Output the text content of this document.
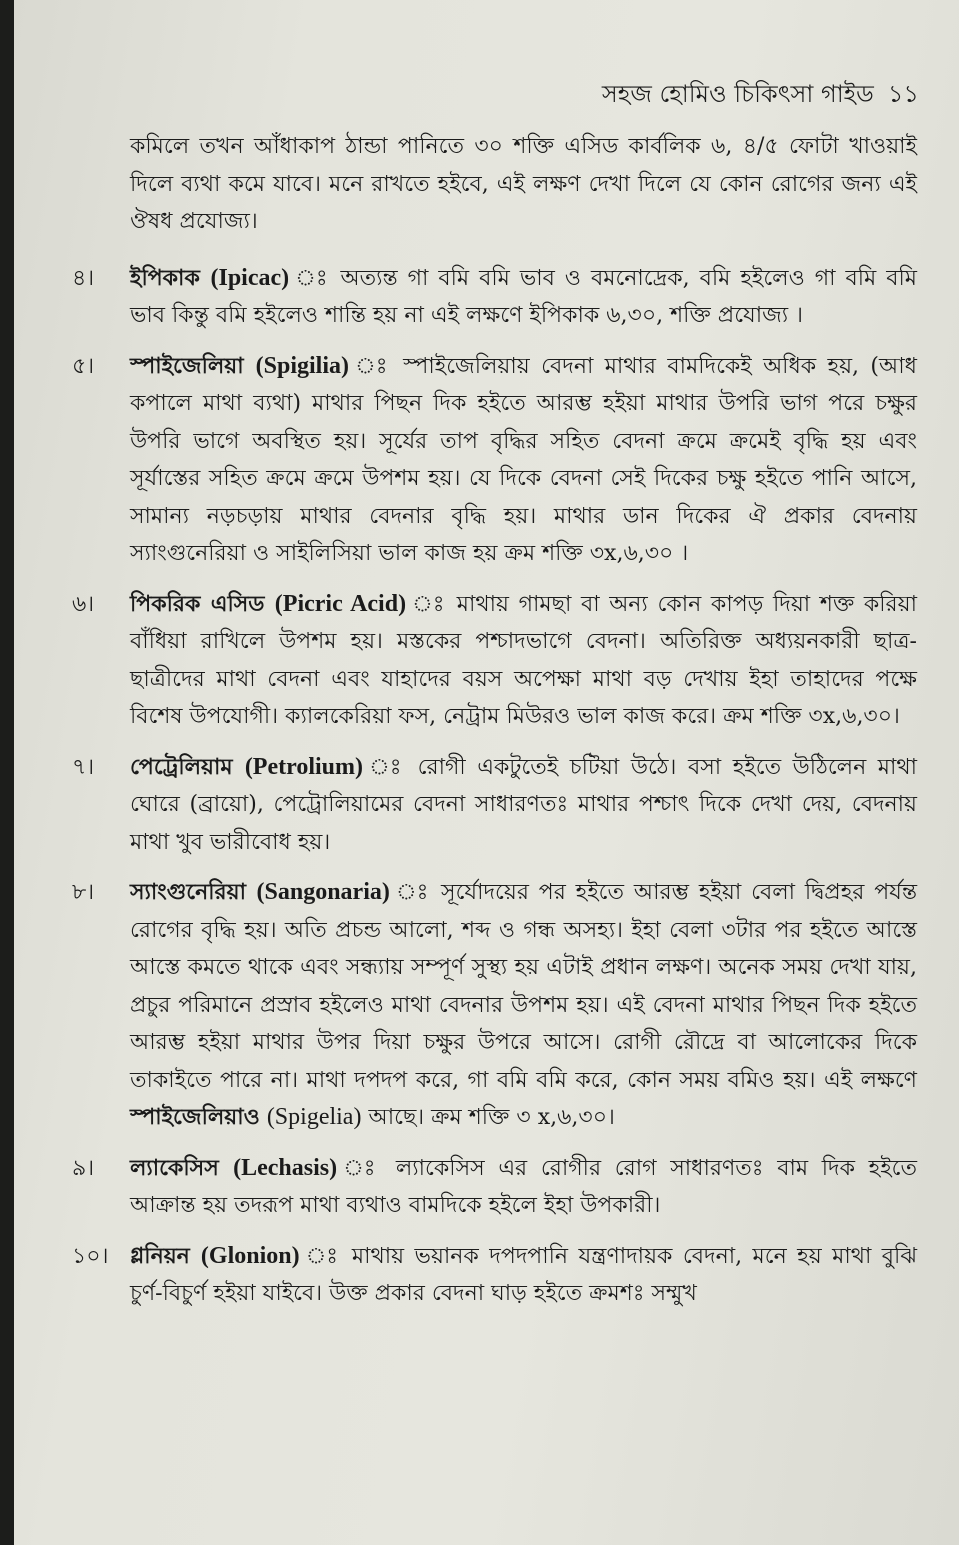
সহজ হোমিও চিকিৎসা গাইড ১১

কমিলে তখন আঁধাকাপ ঠান্ডা পানিতে ৩০ শক্তি এসিড কার্বলিক ৬, ৪/৫ ফোটা খাওয়াই দিলে ব্যথা কমে যাবে। মনে রাখতে হইবে, এই লক্ষণ দেখা দিলে যে কোন রোগের জন্য এই ঔষধ প্রযোজ্য।

৪।	ইপিকাক (Ipicac) ঃ অত্যন্ত গা বমি বমি ভাব ও বমনোদ্রেক, বমি হইলেও গা বমি বমি ভাব কিন্তু বমি হইলেও শান্তি হয় না এই লক্ষণে ইপিকাক ৬,৩০, শক্তি প্রযোজ্য ।

৫।	স্পাইজেলিয়া (Spigilia) ঃ স্পাইজেলিয়ায় বেদনা মাথার বামদিকেই অধিক হয়, (আধ কপালে মাথা ব্যথা) মাথার পিছন দিক হইতে আরম্ভ হইয়া মাথার উপরি ভাগ পরে চক্ষুর উপরি ভাগে অবস্থিত হয়। সূর্যের তাপ বৃদ্ধির সহিত বেদনা ক্রমে ক্রমেই বৃদ্ধি হয় এবং সূর্যাস্তের সহিত ক্রমে ক্রমে উপশম হয়। যে দিকে বেদনা সেই দিকের চক্ষু হইতে পানি আসে, সামান্য নড়চড়ায় মাথার বেদনার বৃদ্ধি হয়। মাথার ডান দিকের ঐ প্রকার বেদনায় স্যাংগুনেরিয়া ও সাইলিসিয়া ভাল কাজ হয় ক্রম শক্তি ৩x,৬,৩০ ।

৬।	পিকরিক এসিড (Picric Acid) ঃ মাথায় গামছা বা অন্য কোন কাপড় দিয়া শক্ত করিয়া বাঁধিয়া রাখিলে উপশম হয়। মস্তকের পশ্চাদভাগে বেদনা। অতিরিক্ত অধ্যয়নকারী ছাত্র-ছাত্রীদের মাথা বেদনা এবং যাহাদের বয়স অপেক্ষা মাথা বড় দেখায় ইহা তাহাদের পক্ষে বিশেষ উপযোগী। ক্যালকেরিয়া ফস, নেট্রাম মিউরও ভাল কাজ করে। ক্রম শক্তি ৩x,৬,৩০।

৭।	পেট্রেলিয়াম (Petrolium) ঃ রোগী একটুতেই চটিয়া উঠে। বসা হইতে উঠিলেন মাথা ঘোরে (ব্রায়ো), পেট্রোলিয়ামের বেদনা সাধারণতঃ মাথার পশ্চাৎ দিকে দেখা দেয়, বেদনায় মাথা খুব ভারীবোধ হয়।

৮।	স্যাংগুনেরিয়া (Sangonaria) ঃ সূর্যোদয়ের পর হইতে আরম্ভ হইয়া বেলা দ্বিপ্রহর পর্যন্ত রোগের বৃদ্ধি হয়। অতি প্রচন্ড আলো, শব্দ ও গন্ধ অসহ্য। ইহা বেলা ৩টার পর হইতে আস্তে আস্তে কমতে থাকে এবং সন্ধ্যায় সম্পূর্ণ সুস্থ্য হয় এটাই প্রধান লক্ষণ। অনেক সময় দেখা যায়, প্রচুর পরিমানে প্রস্রাব হইলেও মাথা বেদনার উপশম হয়। এই বেদনা মাথার পিছন দিক হইতে আরম্ভ হইয়া মাথার উপর দিয়া চক্ষুর উপরে আসে। রোগী রৌদ্রে বা আলোকের দিকে তাকাইতে পারে না। মাথা দপদপ করে, গা বমি বমি করে, কোন সময় বমিও হয়। এই লক্ষণে স্পাইজেলিয়াও (Spigelia) আছে। ক্রম শক্তি ৩ x,৬,৩০।

৯।	ল্যাকেসিস (Lechasis) ঃ ল্যাকেসিস এর রোগীর রোগ সাধারণতঃ বাম দিক হইতে আক্রান্ত হয় তদরূপ মাথা ব্যথাও বামদিকে হইলে ইহা উপকারী।

১০। গ্লনিয়ন (Glonion) ঃ মাথায় ভয়ানক দপদপানি যন্ত্রণাদায়ক বেদনা, মনে হয় মাথা বুঝি চুর্ণ-বিচুর্ণ হইয়া যাইবে। উক্ত প্রকার বেদনা ঘাড় হইতে ক্রমশঃ সম্মুখ
